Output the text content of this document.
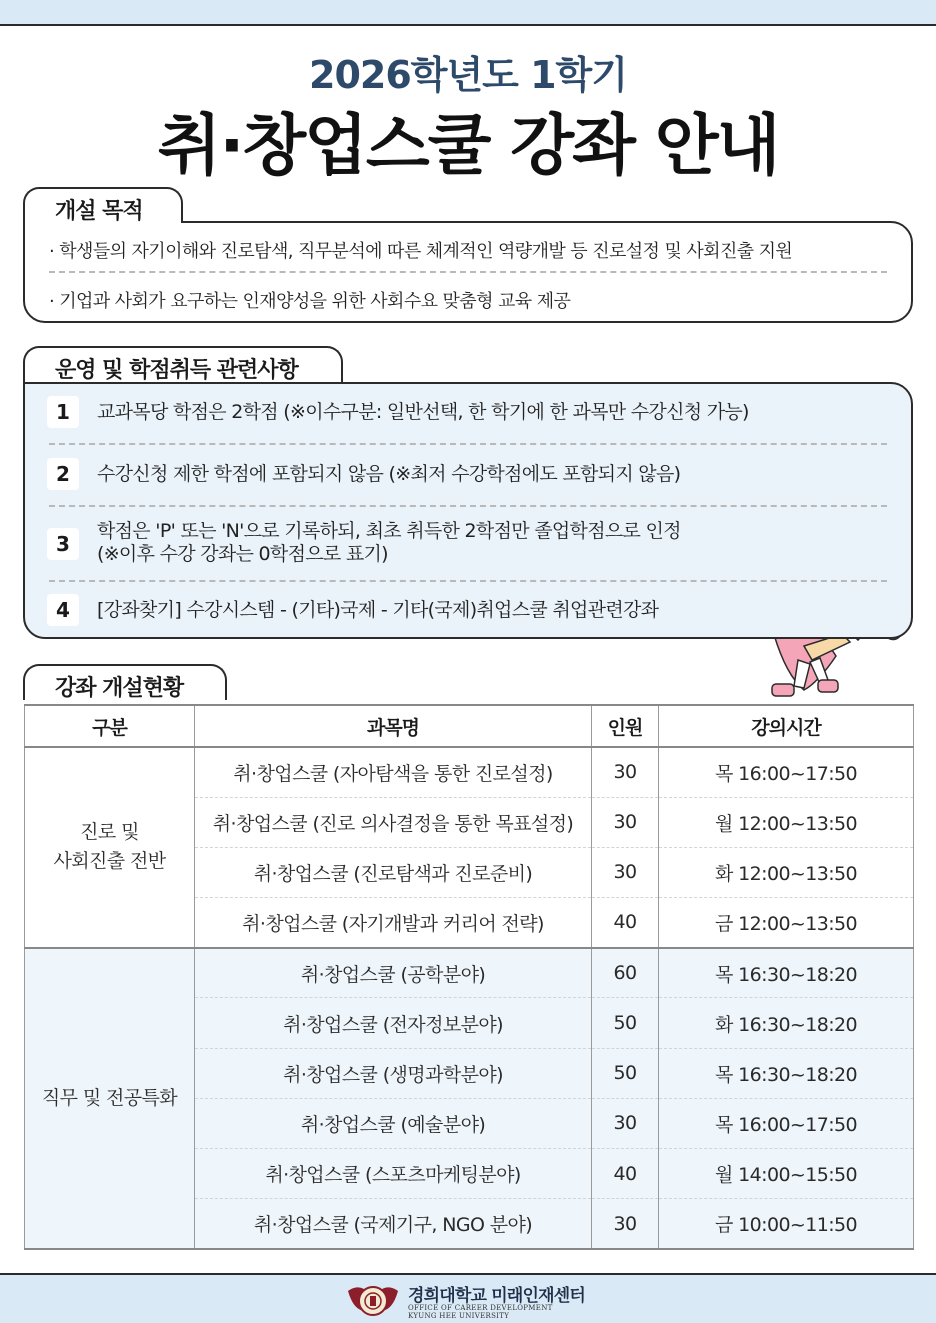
2026학년도 1학기
취·창업스쿨 강좌 안내
개설 목적
· 학생들의 자기이해와 진로탐색, 직무분석에 따른 체계적인 역량개발 등 진로설정 및 사회진출 지원
· 기업과 사회가 요구하는 인재양성을 위한 사회수요 맞춤형 교육 제공
운영 및 학점취득 관련사항
1	교과목당 학점은 2학점 (※이수구분: 일반선택, 한 학기에 한 과목만 수강신청 가능)
2	수강신청 제한 학점에 포함되지 않음 (※최저 수강학점에도 포함되지 않음)
3
학점은 'P' 또는 'N'으로 기록하되, 최초 취득한 2학점만 졸업학점으로 인정
(※이후 수강 강좌는 0학점으로 표기)
4	[강좌찾기] 수강시스템 - (기타)국제 - 기타(국제)취업스쿨 취업관련강좌
강좌 개설현황
구분	과목명	인원	강의시간

진로 및
사회진출 전반	취·창업스쿨 (자아탐색을 통한 진로설정)	30	목 16:00~17:50
	취·창업스쿨 (진로 의사결정을 통한 목표설정)	30	월 12:00~13:50
	취·창업스쿨 (진로탐색과 진로준비)	30	화 12:00~13:50
	취·창업스쿨 (자기개발과 커리어 전략)	40	금 12:00~13:50

직무 및 전공특화	취·창업스쿨 (공학분야)	60	목 16:30~18:20
	취·창업스쿨 (전자정보분야)	50	화 16:30~18:20
	취·창업스쿨 (생명과학분야)	50	목 16:30~18:20
	취·창업스쿨 (예술분야)	30	목 16:00~17:50
	취·창업스쿨 (스포츠마케팅분야)	40	월 14:00~15:50
	취·창업스쿨 (국제기구, NGO 분야)	30	금 10:00~11:50
경희대학교 미래인재센터
OFFICE OF CAREER DEVELOPMENT
KYUNG HEE UNIVERSITY
